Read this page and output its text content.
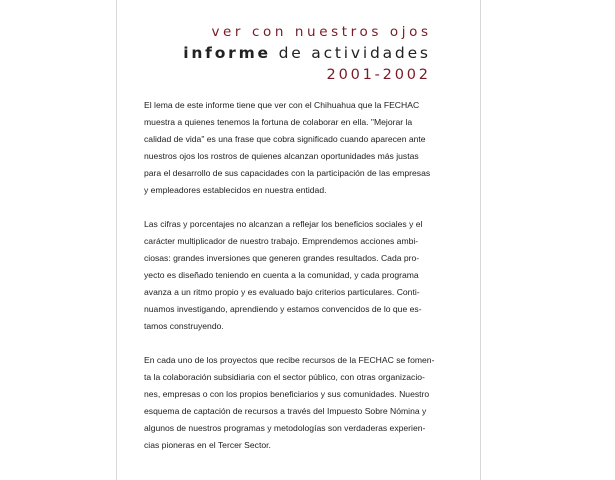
ver con nuestros ojos
informe de actividades
2001-2002

El lema de este informe tiene que ver con el Chihuahua que la FECHAC
muestra a quienes tenemos la fortuna de colaborar en ella. "Mejorar la
calidad de vida" es una frase que cobra significado cuando aparecen ante
nuestros ojos los rostros de quienes alcanzan oportunidades más justas
para el desarrollo de sus capacidades con la participación de las empresas
y empleadores establecidos en nuestra entidad.

Las cifras y porcentajes no alcanzan a reflejar los beneficios sociales y el
carácter multiplicador de nuestro trabajo. Emprendemos acciones ambi-
ciosas: grandes inversiones que generen grandes resultados. Cada pro-
yecto es diseñado teniendo en cuenta a la comunidad, y cada programa
avanza a un ritmo propio y es evaluado bajo criterios particulares. Conti-
nuamos investigando, aprendiendo y estamos convencidos de lo que es-
tamos construyendo.

En cada uno de los proyectos que recibe recursos de la FECHAC se fomen-
ta la colaboración subsidiaria con el sector público, con otras organizacio-
nes, empresas o con los propios beneficiarios y sus comunidades. Nuestro
esquema de captación de recursos a través del Impuesto Sobre Nómina y
algunos de nuestros programas y metodologías son verdaderas experien-
cias pioneras en el Tercer Sector.
